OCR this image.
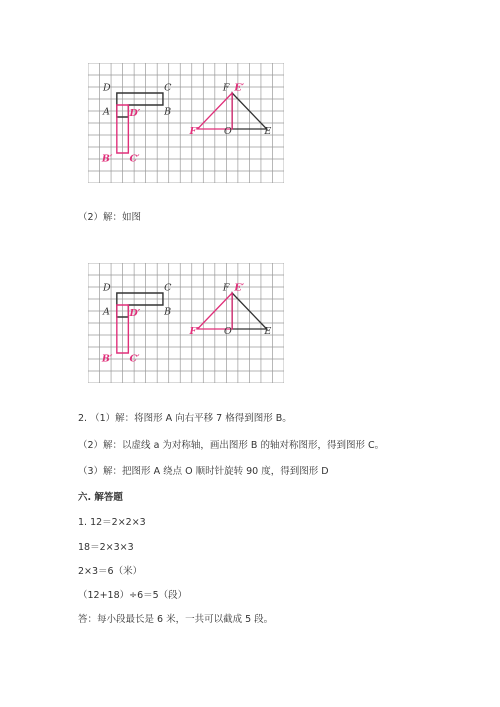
D	C
A	B
D′
B′ C′
F E′
F′	O	E
（2）解：如图
D	C
A	B
D′
B′ C′
F E′
F′	O	E
2. （1）解：将图形 A 向右平移 7 格得到图形 B。
（2）解：以虚线 a 为对称轴，画出图形 B 的轴对称图形，得到图形 C。
（3）解：把图形 A 绕点 O 顺时针旋转 90 度，得到图形 D
六. 解答题
1. 12＝2×2×3
18＝2×3×3
2×3＝6（米）
（12+18）÷6＝5（段）
答：每小段最长是 6 米，一共可以截成 5 段。
